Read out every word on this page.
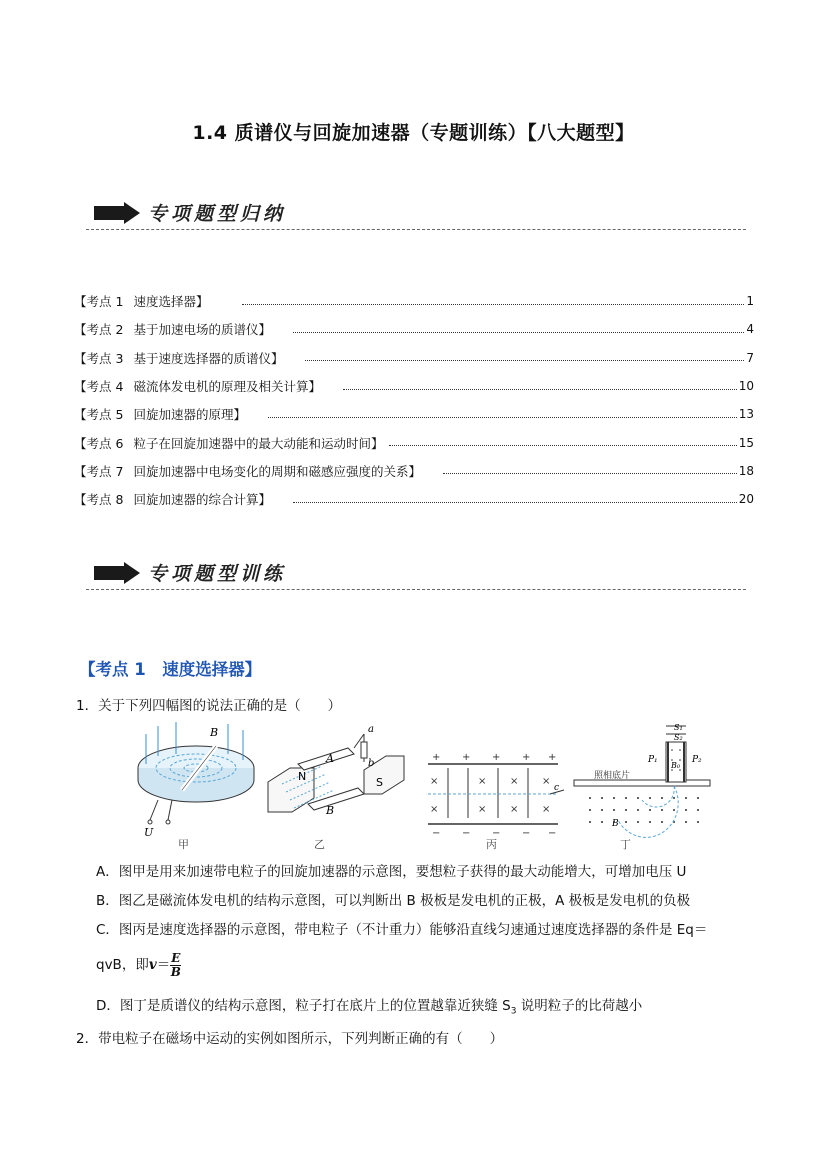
1.4 质谱仪与回旋加速器（专题训练）【八大题型】
专项题型归纳
【考点 1 速度选择器】	1
【考点 2 基于加速电场的质谱仪】	4
【考点 3 基于速度选择器的质谱仪】	7
【考点 4 磁流体发电机的原理及相关计算】	10
【考点 5 回旋加速器的原理】	13
【考点 6 粒子在回旋加速器中的最大动能和运动时间】	15
【考点 7 回旋加速器中电场变化的周期和磁感应强度的关系】	18
【考点 8 回旋加速器的综合计算】	20
专项题型训练
【考点 1　速度选择器】
1．关于下列四幅图的说法正确的是（　　）
B
U
甲
N	S
A
B
a
b
乙
+ + + + +
− − − − −
×	× × ×
×	× × ×
c
丙
照相底片
S₁
S₂
P₁	P₂
B₀
B
丁
A．图甲是用来加速带电粒子的回旋加速器的示意图，要想粒子获得的最大动能增大，可增加电压 U
B．图乙是磁流体发电机的结构示意图，可以判断出 B 极板是发电机的正极，A 极板是发电机的负极
C．图丙是速度选择器的示意图，带电粒子（不计重力）能够沿直线匀速通过速度选择器的条件是 Eq＝
qvB，即 $v = \frac{E}{B}$
D．图丁是质谱仪的结构示意图，粒子打在底片上的位置越靠近狭缝 $S_3$ 说明粒子的比荷越小
2．带电粒子在磁场中运动的实例如图所示，下列判断正确的有（　　）
